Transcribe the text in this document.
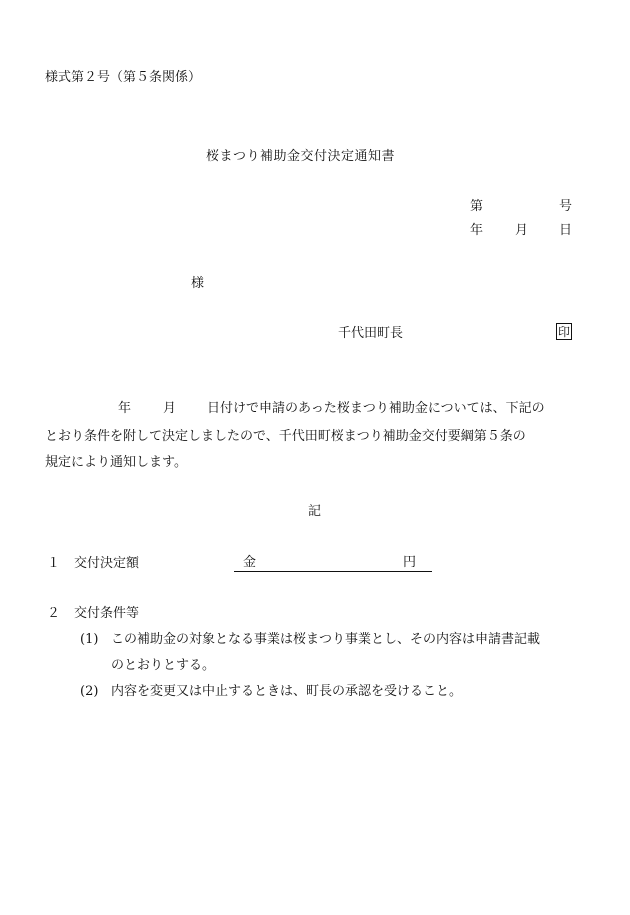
様式第２号（第５条関係）
桜まつり補助金交付決定通知書
第	号
年 月 日
様
千代田町長	印
年 月 日付けで申請のあった桜まつり補助金については、下記の
とおり条件を附して決定しましたので、千代田町桜まつり補助金交付要綱第５条の
規定により通知します。
記
１ 交付決定額	金	円
２ 交付条件等
(1) この補助金の対象となる事業は桜まつり事業とし、その内容は申請書記載
のとおりとする。
(2) 内容を変更又は中止するときは、町長の承認を受けること。
